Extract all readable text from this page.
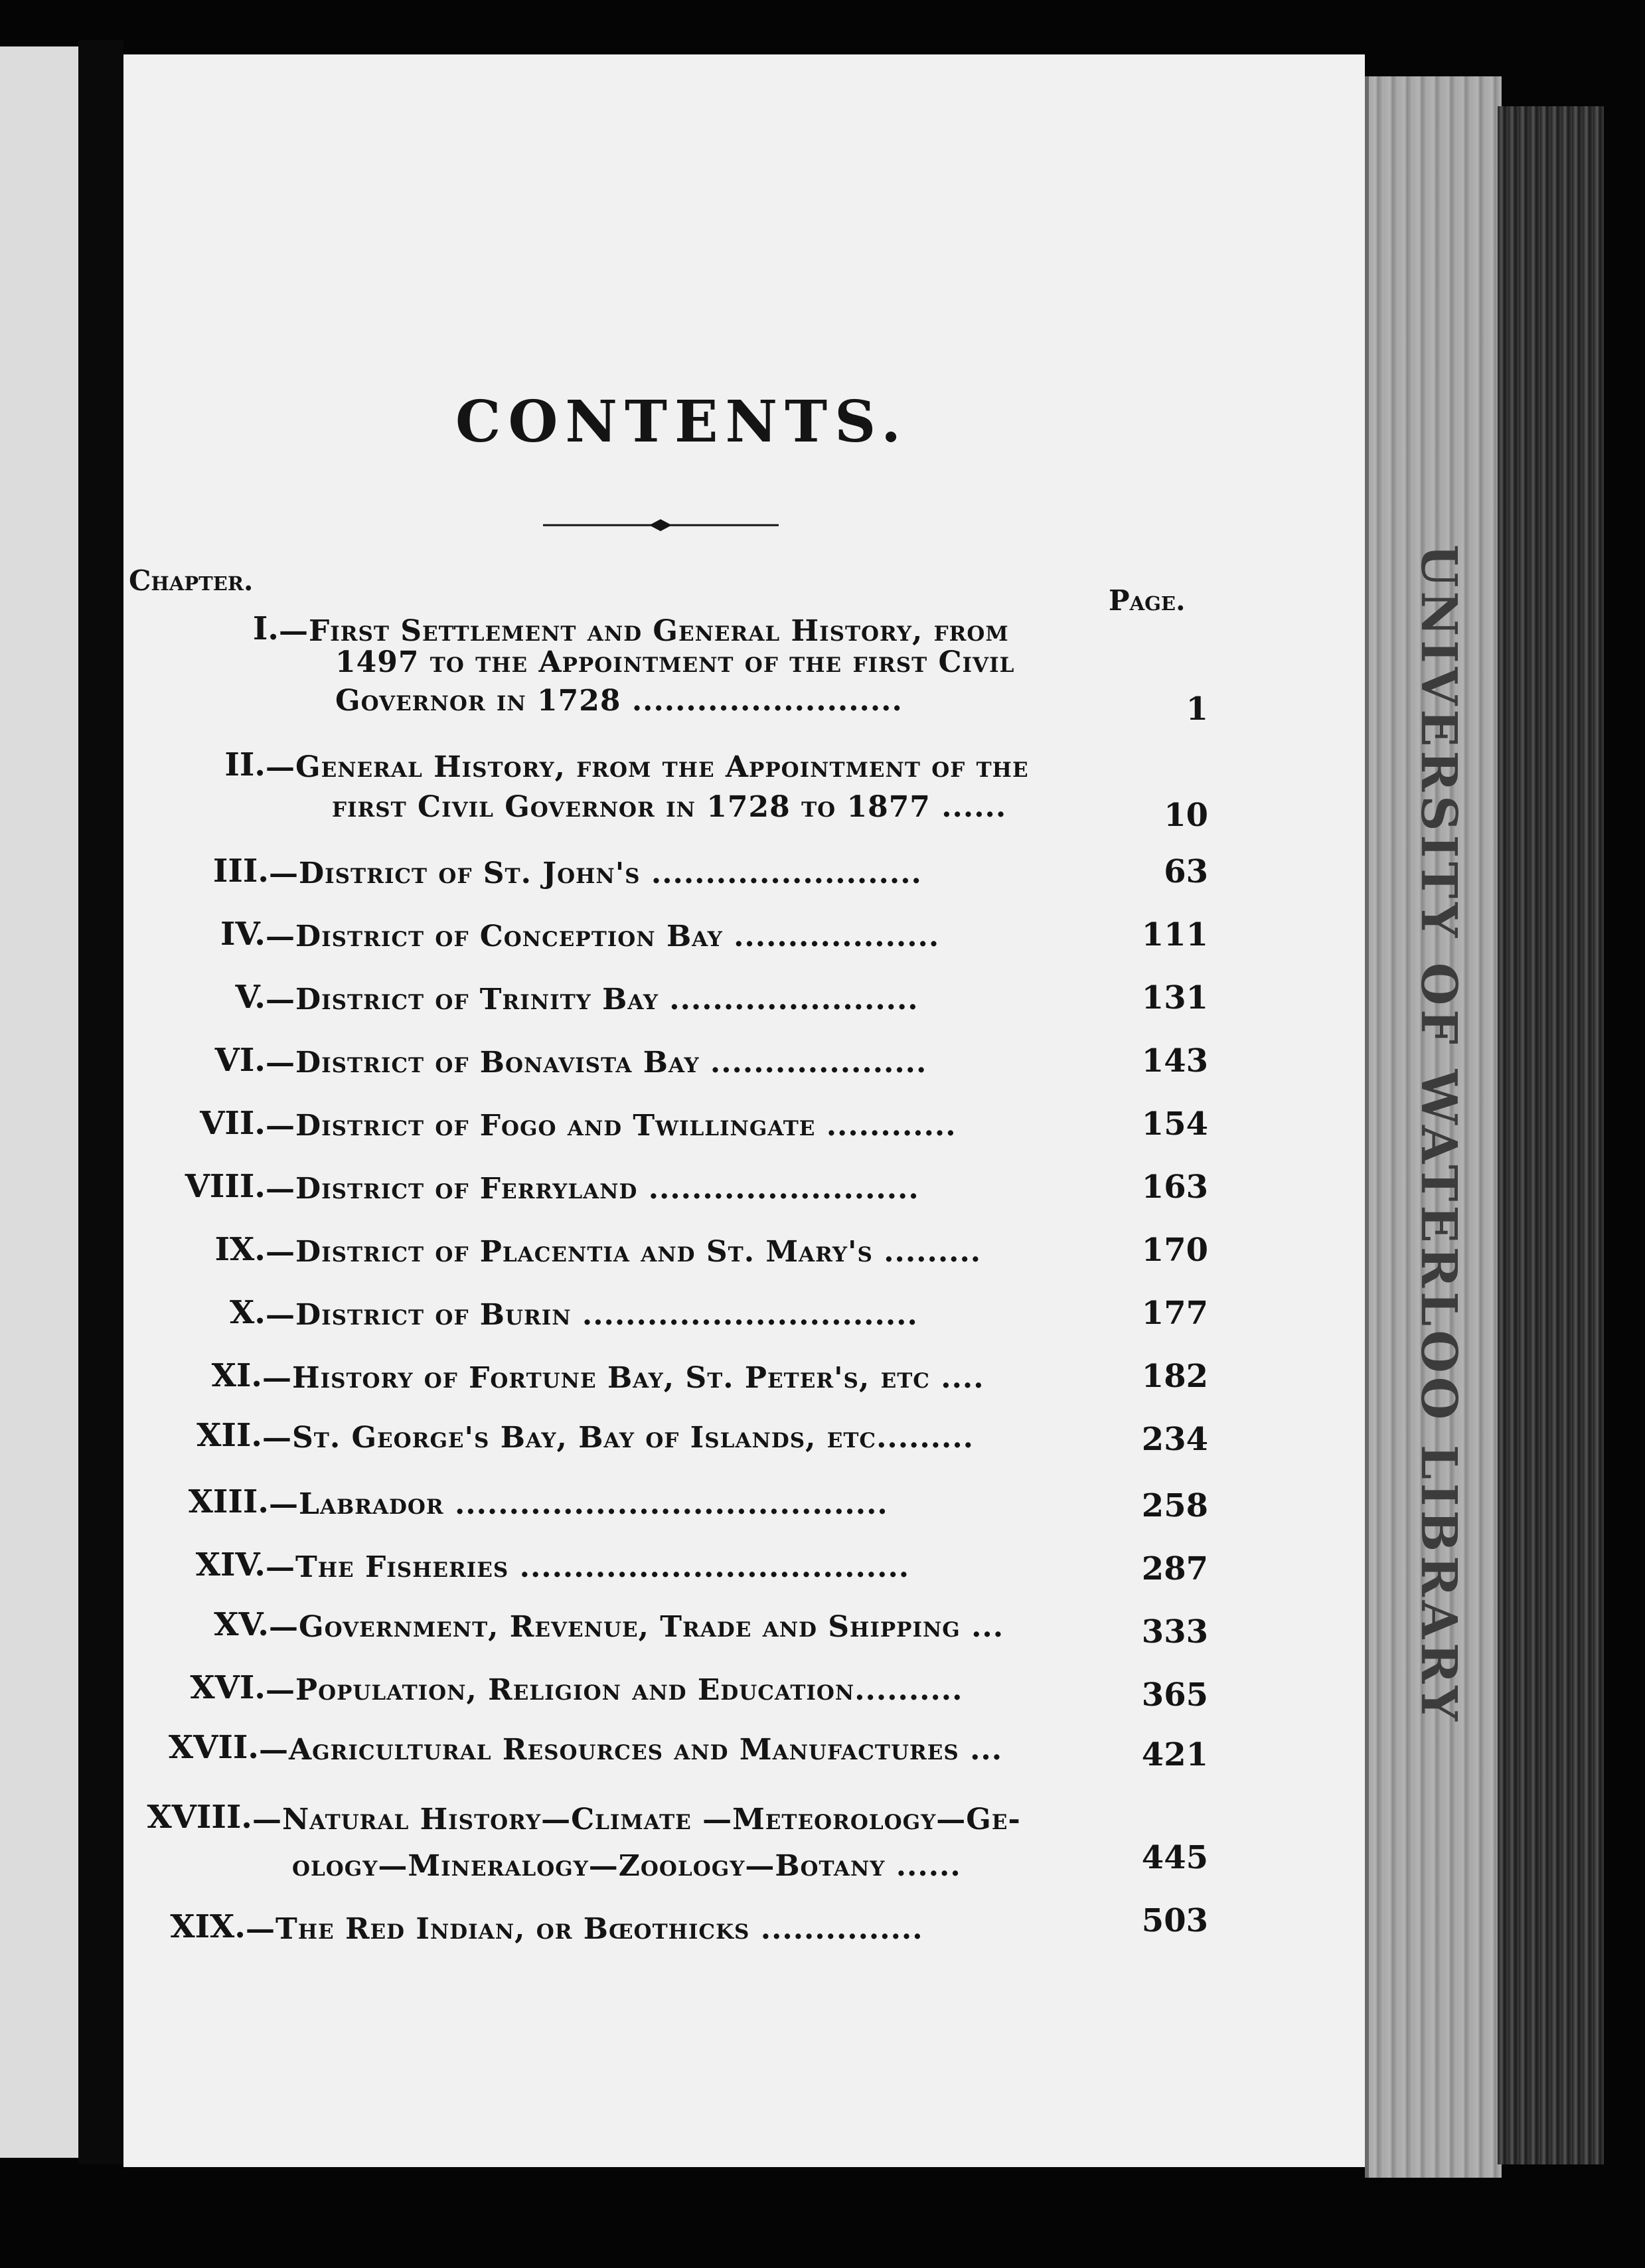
UNIVERSITY OF WATERLOO LIBRARY
CONTENTS.
Chapter.
Page.
I. —First Settlement and General History, from
1497 to the Appointment of the first Civil
Governor in 1728 .........................	1
II. —General History, from the Appointment of the
first Civil Governor in 1728 to 1877 ......	10
III. —District of St. John's .........................	63
IV. —District of Conception Bay ...................	111
V. —District of Trinity Bay .......................	131
VI. —District of Bonavista Bay ....................	143
VII. —District of Fogo and Twillingate ............	154
VIII. —District of Ferryland .........................	163
IX. —District of Placentia and St. Mary's .........	170
X. —District of Burin ...............................	177
XI. —History of Fortune Bay, St. Peter's, etc ....	182
XII. —St. George's Bay, Bay of Islands, etc.........	234
XIII. —Labrador ........................................	258
XIV. —The Fisheries ....................................	287
XV. —Government, Revenue, Trade and Shipping ...	333
XVI. —Population, Religion and Education..........	365
XVII. —Agricultural Resources and Manufactures ...	421
XVIII. —Natural History—Climate —Meteorology—Ge-
ology—Mineralogy—Zoology—Botany ......	445
XIX. —The Red Indian, or Bœothicks ...............	503
